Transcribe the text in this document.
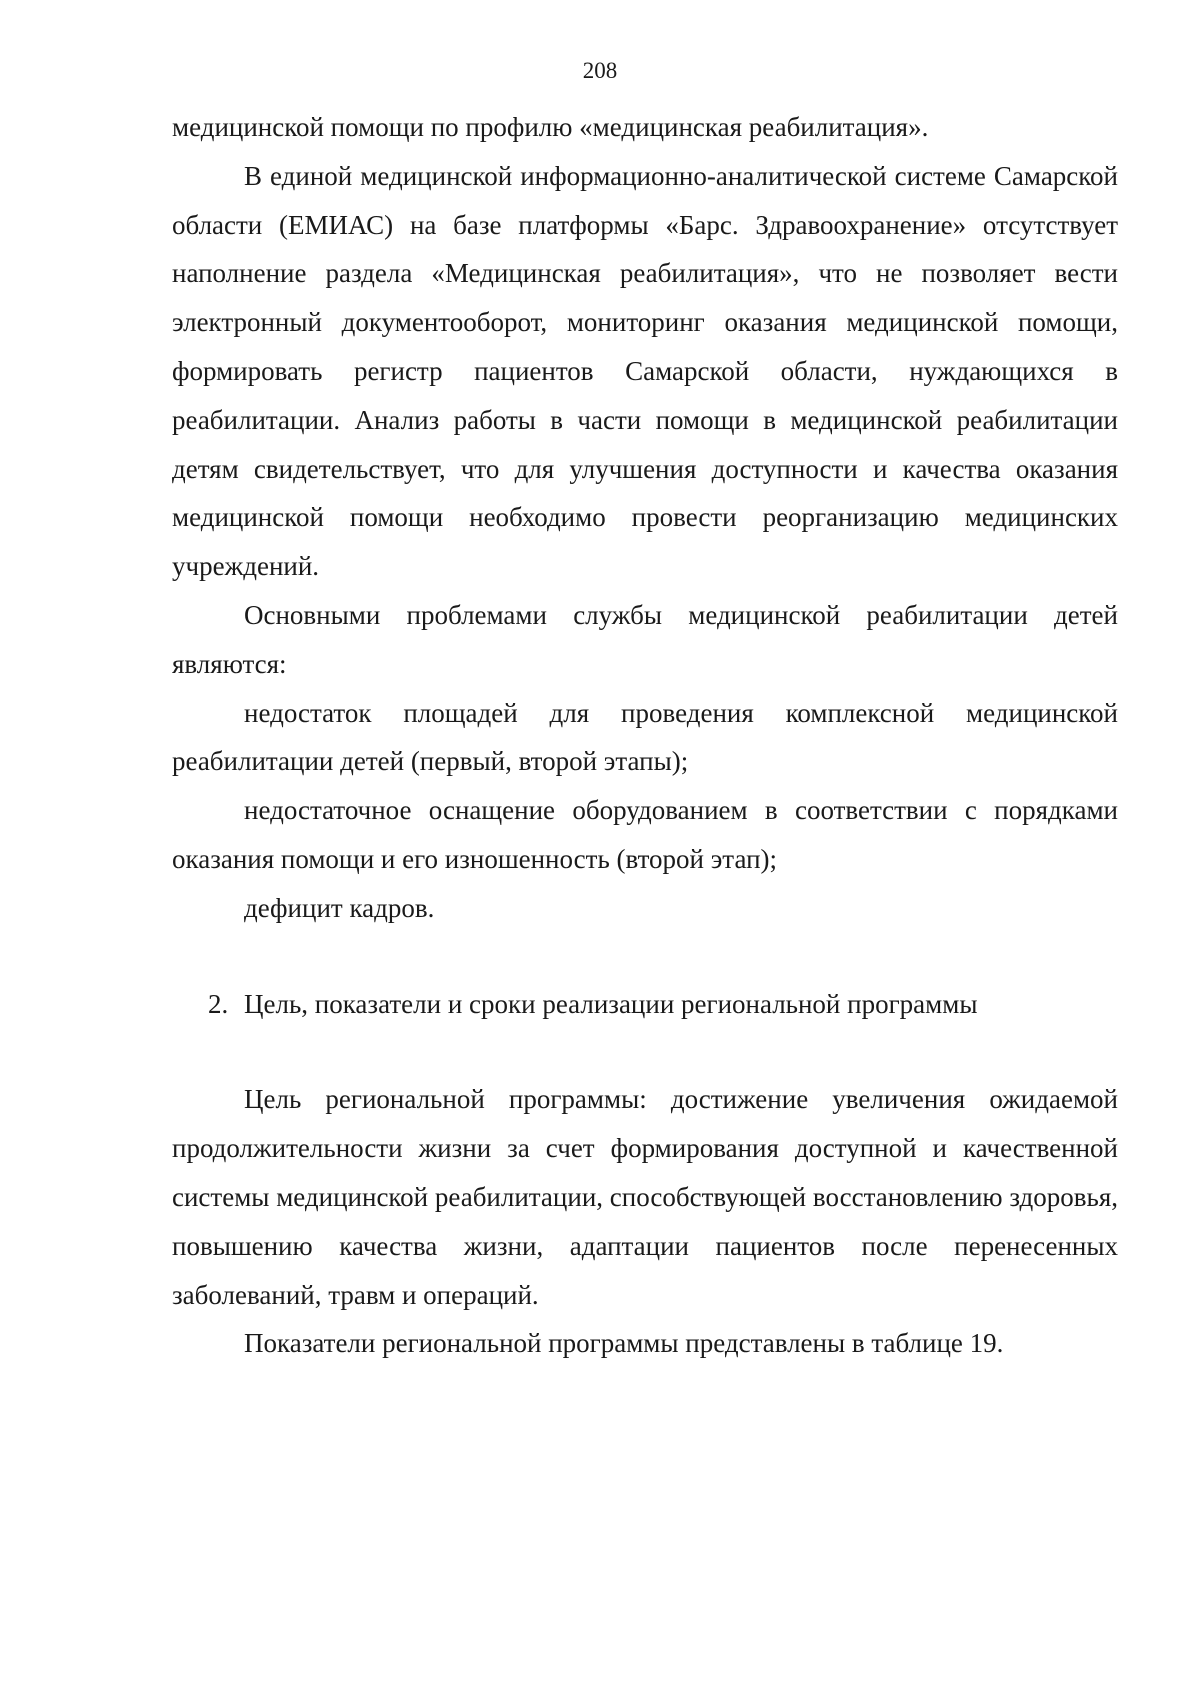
208

медицинской помощи по профилю «медицинская реабилитация».

В единой медицинской информационно-аналитической системе Самарской области (ЕМИАС) на базе платформы «Барс. Здравоохранение» отсутствует наполнение раздела «Медицинская реабилитация», что не позволяет вести электронный документооборот, мониторинг оказания медицинской помощи, формировать регистр пациентов Самарской области, нуждающихся в реабилитации. Анализ работы в части помощи в медицинской реабилитации детям свидетельствует, что для улучшения доступности и качества оказания медицинской помощи необходимо провести реорганизацию медицинских учреждений.

Основными проблемами службы медицинской реабилитации детей являются:

недостаток площадей для проведения комплексной медицинской реабилитации детей (первый, второй этапы);

недостаточное оснащение оборудованием в соответствии с порядками оказания помощи и его изношенность (второй этап);

дефицит кадров.

2. Цель, показатели и сроки реализации региональной программы

Цель региональной программы: достижение увеличения ожидаемой продолжительности жизни за счет формирования доступной и качественной системы медицинской реабилитации, способствующей восстановлению здоровья, повышению качества жизни, адаптации пациентов после перенесенных заболеваний, травм и операций.

Показатели региональной программы представлены в таблице 19.
